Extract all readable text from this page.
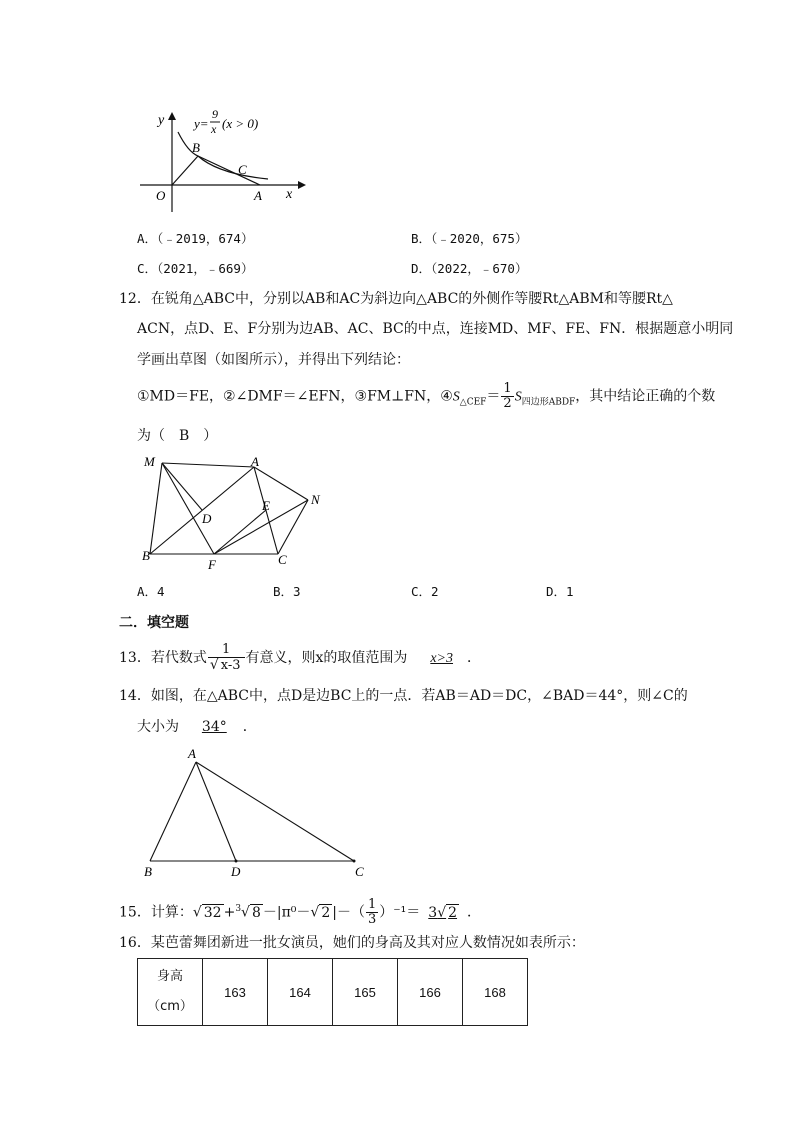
y
x
O
B
C
A
y=
9
x (x > 0)
A．（﹣2019，674）	B．（﹣2020，675）
C．（2021，﹣669）	D．（2022，﹣670）
12．在锐角△ABC中，分别以AB和AC为斜边向△ABC的外侧作等腰Rt△ABM和等腰Rt△
ACN，点D、E、F分别为边AB、AC、BC的中点，连接MD、MF、FE、FN．根据题意小明同
学画出草图（如图所示），并得出下列结论：
①MD＝FE，②∠DMF＝∠EFN，③FM⊥FN，$④S_{\triangle CEF}= \frac{1}{2} S_{四边形ABDF}$，其中结论正确的个数
为（　B　）
M	A
N
D
E
B
F	C
A．4	B．3	C．2	D．1
二．填空题
13．若代数式 $\frac{1}{√ x-3}$ 有意义，则x的取值范围为 x>3 ．
14．如图，在△ABC中，点D是边BC上的一点．若AB＝AD＝DC，∠BAD＝44°，则∠C的
大小为 34° ．
A
B	D	C
15．计算：√ 32 +$^3$√ 8 －|π⁰－√ 2 |－（ $\frac{1}{3} )^{-1}= 3√$ 2 ．
16．某芭蕾舞团新进一批女演员，她们的身高及其对应人数情况如表所示：
身高
（cm）	163	164	165	166	168
